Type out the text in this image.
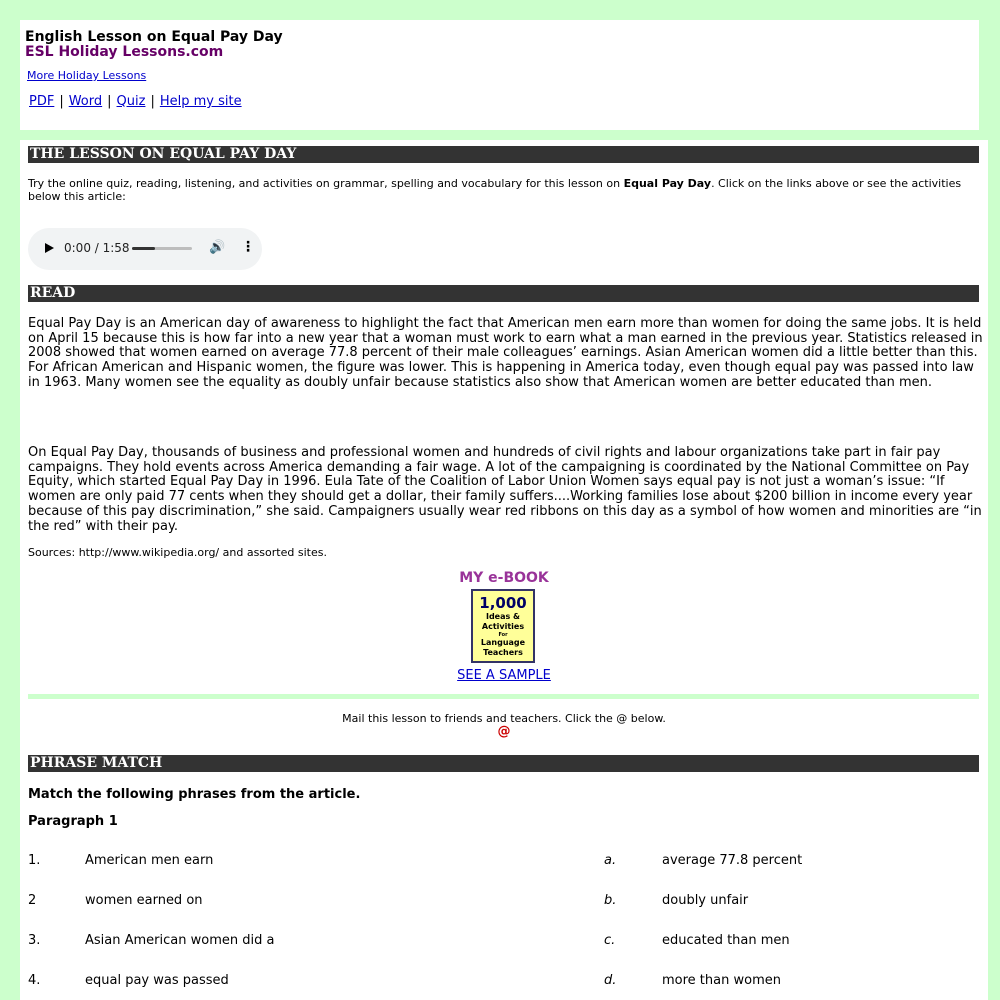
English Lesson on Equal Pay Day
ESL Holiday Lessons.com
More Holiday Lessons
PDF | Word | Quiz | Help my site
THE LESSON ON EQUAL PAY DAY
Try the online quiz, reading, listening, and activities on grammar, spelling and vocabulary for this lesson on Equal Pay Day. Click on the links above or see the activities below this article:
0:00 / 1:58	🔊 ⋮
READ
Equal Pay Day is an American day of awareness to highlight the fact that American men earn more than women for doing the same jobs. It is held on April 15 because this is how far into a new year that a woman must work to earn what a man earned in the previous year. Statistics released in 2008 showed that women earned on average 77.8 percent of their male colleagues’ earnings. Asian American women did a little better than this. For African American and Hispanic women, the figure was lower. This is happening in America today, even though equal pay was passed into law in 1963. Many women see the equality as doubly unfair because statistics also show that American women are better educated than men.
On Equal Pay Day, thousands of business and professional women and hundreds of civil rights and labour organizations take part in fair pay campaigns. They hold events across America demanding a fair wage. A lot of the campaigning is coordinated by the National Committee on Pay Equity, which started Equal Pay Day in 1996. Eula Tate of the Coalition of Labor Union Women says equal pay is not just a woman’s issue: “If women are only paid 77 cents when they should get a dollar, their family suffers....Working families lose about $200 billion in income every year because of this pay discrimination,” she said. Campaigners usually wear red ribbons on this day as a symbol of how women and minorities are “in the red” with their pay.
Sources: http://www.wikipedia.org/ and assorted sites.
MY e-BOOK
1,000
Ideas &
Activities
For
Language
Teachers
SEE A SAMPLE
Mail this lesson to friends and teachers. Click the @ below.
@
PHRASE MATCH
Match the following phrases from the article.
Paragraph 1
1.	American men earn	a.	average 77.8 percent
2	women earned on	b.	doubly unfair
3.	Asian American women did a	c.	educated than men
4.	equal pay was passed	d.	more than women
